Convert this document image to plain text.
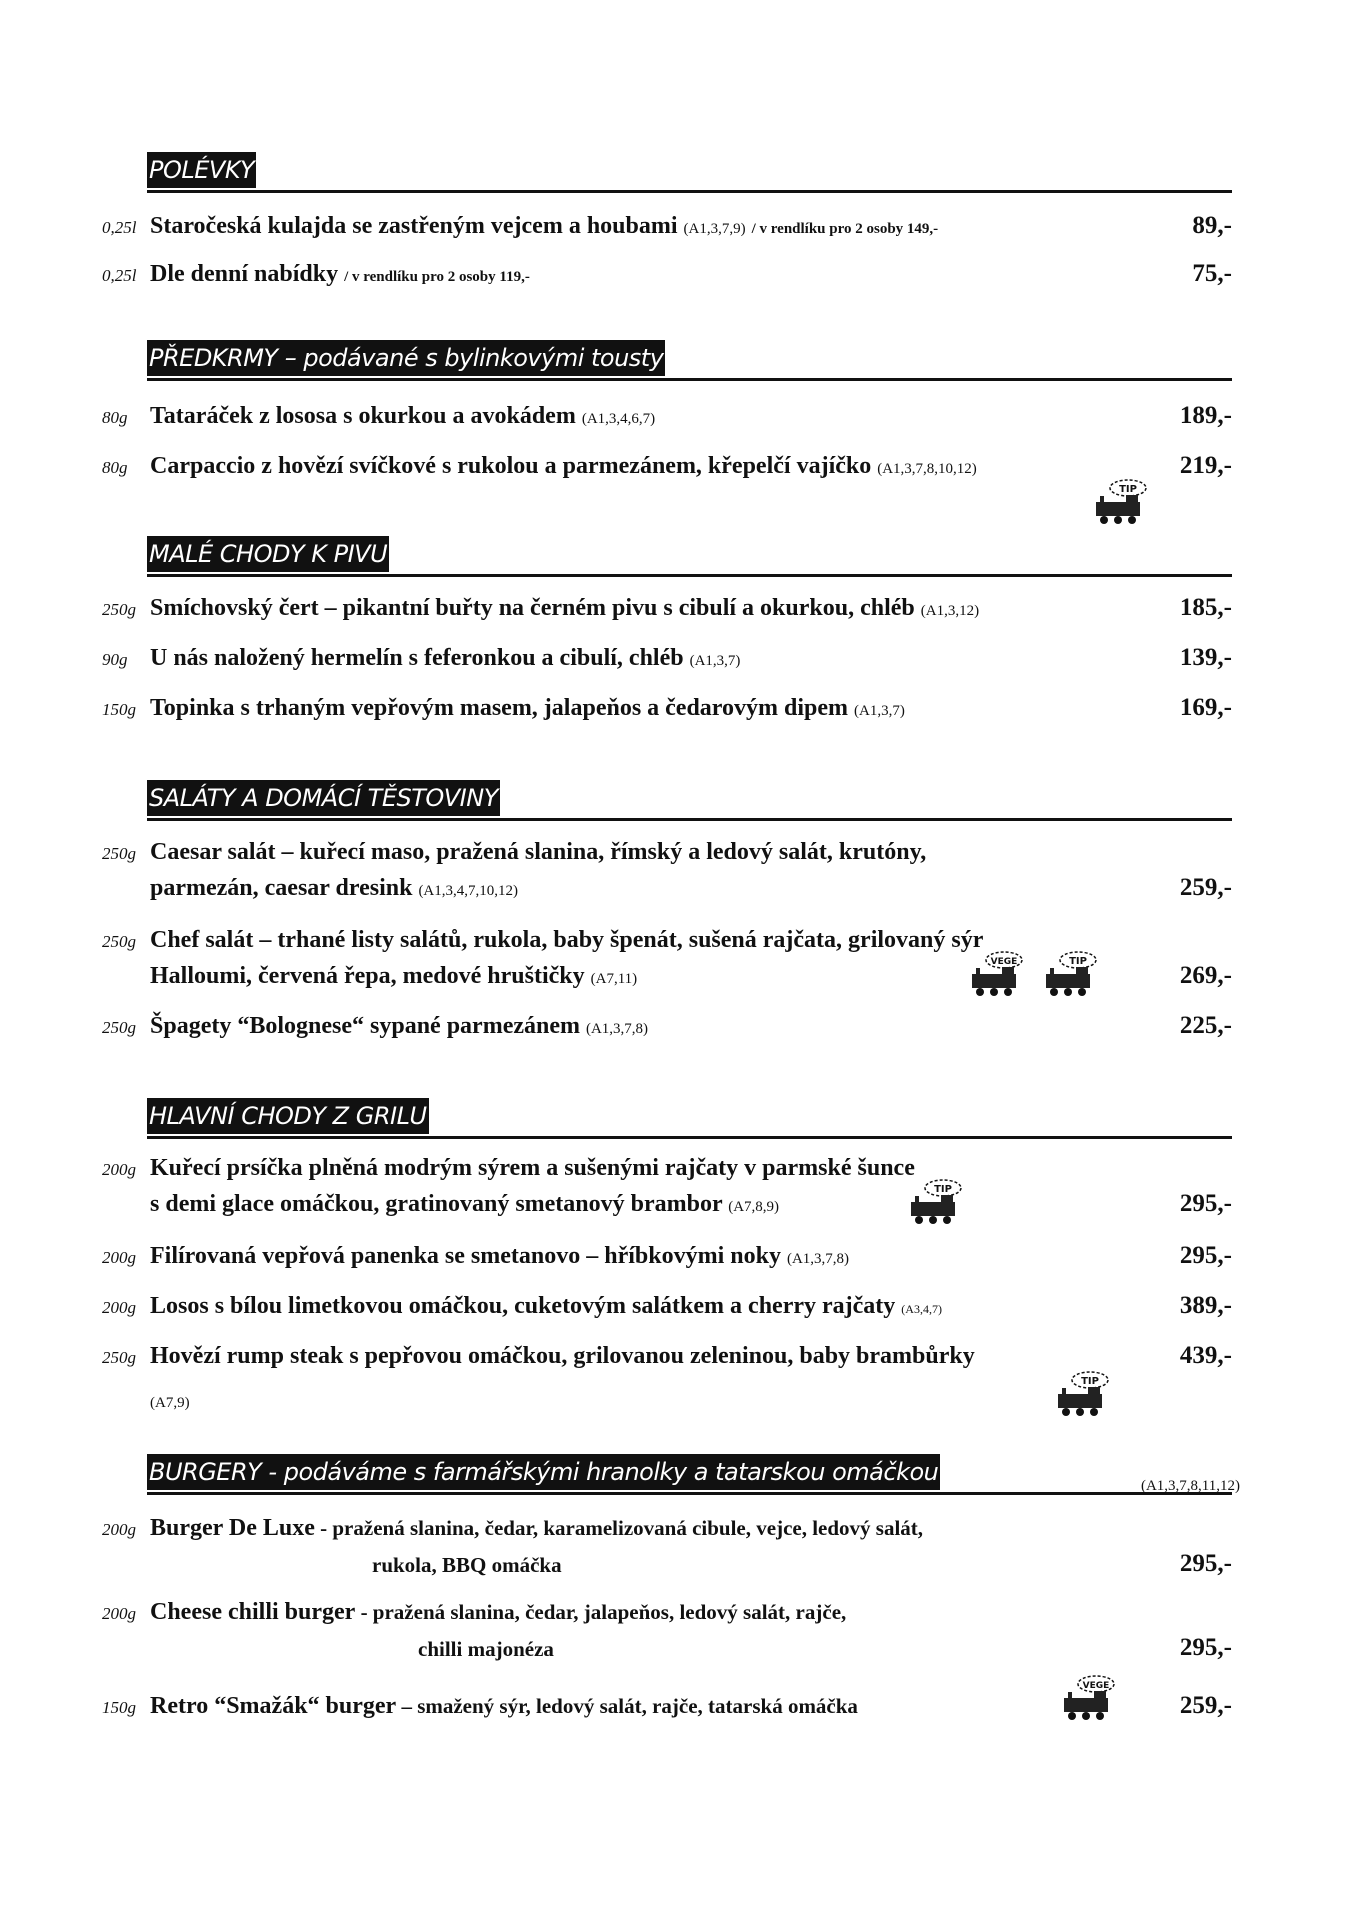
POLÉVKY
0,25l Staročeská kulajda se zastřeným vejcem a houbami (A1,3,7,9) / v rendlíku pro 2 osoby 149,-	89,-
0,25l Dle denní nabídky / v rendlíku pro 2 osoby 119,-	75,-
PŘEDKRMY – podávané s bylinkovými tousty
80g Tataráček z lososa s okurkou a avokádem (A1,3,4,6,7)	189,-
80g Carpaccio z hovězí svíčkové s rukolou a parmezánem, křepelčí vajíčko (A1,3,7,8,10,12)	219,-
TIP
MALÉ CHODY K PIVU
250g Smíchovský čert – pikantní buřty na černém pivu s cibulí a okurkou, chléb (A1,3,12)	185,-
90g U nás naložený hermelín s feferonkou a cibulí, chléb (A1,3,7)	139,-
150g Topinka s trhaným vepřovým masem, jalapeňos a čedarovým dipem (A1,3,7)	169,-
SALÁTY A DOMÁCÍ TĚSTOVINY
250g Caesar salát – kuřecí maso, pražená slanina, římský a ledový salát, krutóny,
parmezán, caesar dresink (A1,3,4,7,10,12)	259,-
250g Chef salát – trhané listy salátů, rukola, baby špenát, sušená rajčata, grilovaný sýr
Halloumi, červená řepa, medové hruštičky (A7,11)	269,-
VEGE	TIP
250g Špagety “Bolognese“ sypané parmezánem (A1,3,7,8)	225,-
HLAVNÍ CHODY Z GRILU
200g Kuřecí prsíčka plněná modrým sýrem a sušenými rajčaty v parmské šunce
s demi glace omáčkou, gratinovaný smetanový brambor (A7,8,9)	295,-
TIP
200g Filírovaná vepřová panenka se smetanovo – hříbkovými noky (A1,3,7,8)	295,-
200g Losos s bílou limetkovou omáčkou, cuketovým salátkem a cherry rajčaty (A3,4,7)	389,-
250g Hovězí rump steak s pepřovou omáčkou, grilovanou zeleninou, baby brambůrky	439,-
(A7,9)
TIP
BURGERY - podáváme s farmářskými hranolky a tatarskou omáčkou	(A1,3,7,8,11,12)
200g Burger De Luxe - pražená slanina, čedar, karamelizovaná cibule, vejce, ledový salát,
rukola, BBQ omáčka	295,-
200g Cheese chilli burger - pražená slanina, čedar, jalapeňos, ledový salát, rajče,
chilli majonéza	295,-
150g Retro “Smažák“ burger – smažený sýr, ledový salát, rajče, tatarská omáčka	259,-
VEGE
